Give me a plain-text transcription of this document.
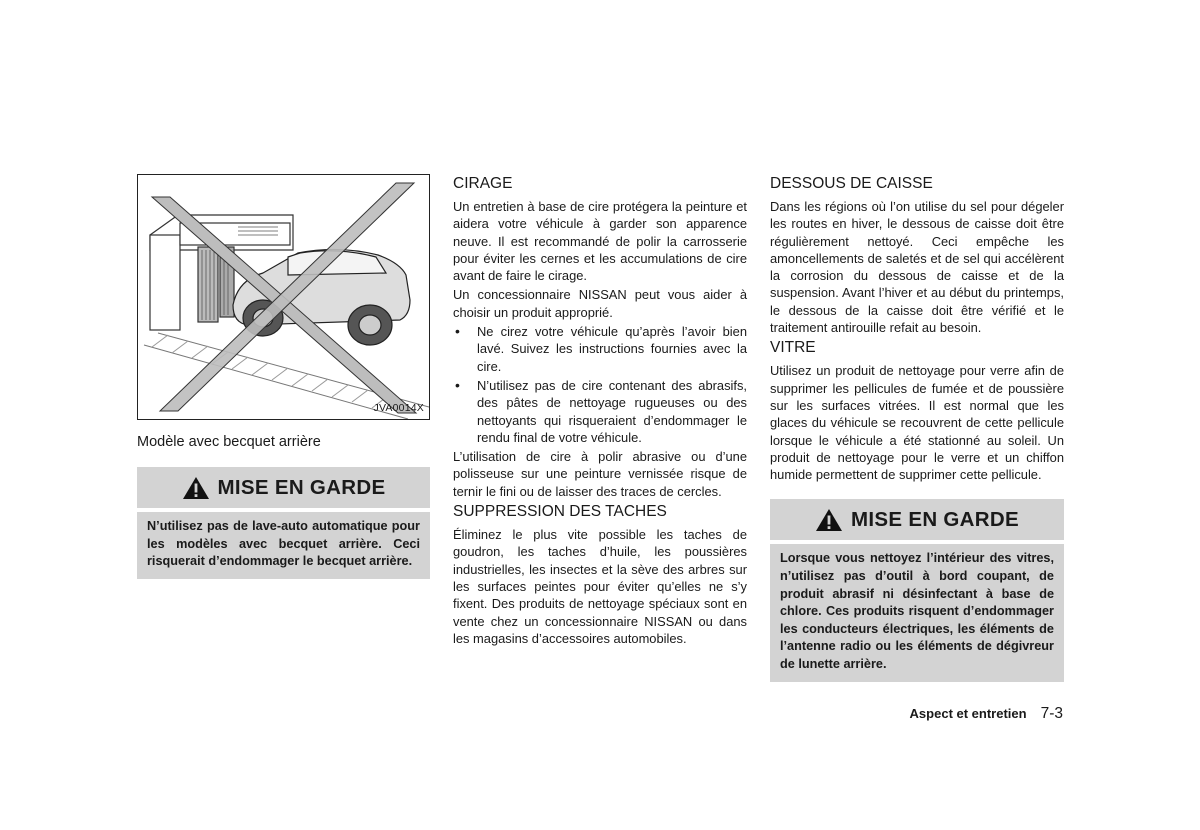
JVA0014X
Modèle avec becquet arrière
MISE EN GARDE
N’utilisez pas de lave-auto automatique pour les modèles avec becquet arrière. Ceci risquerait d’endommager le becquet arrière.
CIRAGE

Un entretien à base de cire protégera la peinture et aidera votre véhicule à garder son apparence neuve. Il est recommandé de polir la carrosserie pour éviter les cernes et les accumulations de cire avant de faire le cirage.

Un concessionnaire NISSAN peut vous aider à choisir un produit approprié.

• Ne cirez votre véhicule qu’après l’avoir bien lavé. Suivez les instructions fournies avec la cire.
• N’utilisez pas de cire contenant des abrasifs, des pâtes de nettoyage rugueuses ou des nettoyants qui risqueraient d’endommager le rendu final de votre véhicule.

L’utilisation de cire à polir abrasive ou d’une polisseuse sur une peinture vernissée risque de ternir le fini ou de laisser des traces de cercles.

SUPPRESSION DES TACHES

Éliminez le plus vite possible les taches de goudron, les taches d’huile, les poussières industrielles, les insectes et la sève des arbres sur les surfaces peintes pour éviter qu’elles ne s’y fixent. Des produits de nettoyage spéciaux sont en vente chez un concessionnaire NISSAN ou dans les magasins d’accessoires automobiles.

DESSOUS DE CAISSE

Dans les régions où l’on utilise du sel pour dégeler les routes en hiver, le dessous de caisse doit être régulièrement nettoyé. Ceci empêche les amoncellements de saletés et de sel qui accélèrent la corrosion du dessous de caisse et de la suspension. Avant l’hiver et au début du printemps, le dessous de la caisse doit être vérifié et le traitement antirouille refait au besoin.

VITRE

Utilisez un produit de nettoyage pour verre afin de supprimer les pellicules de fumée et de poussière sur les surfaces vitrées. Il est normal que les glaces du véhicule se recouvrent de cette pellicule lorsque le véhicule a été stationné au soleil. Un produit de nettoyage pour le verre et un chiffon humide permettent de supprimer cette pellicule.

MISE EN GARDE
Lorsque vous nettoyez l’intérieur des vitres, n’utilisez pas d’outil à bord coupant, de produit abrasif ni désinfectant à base de chlore. Ces produits risquent d’endommager les conducteurs électriques, les éléments de l’antenne radio ou les éléments de dégivreur de lunette arrière.
Aspect et entretien 7-3
